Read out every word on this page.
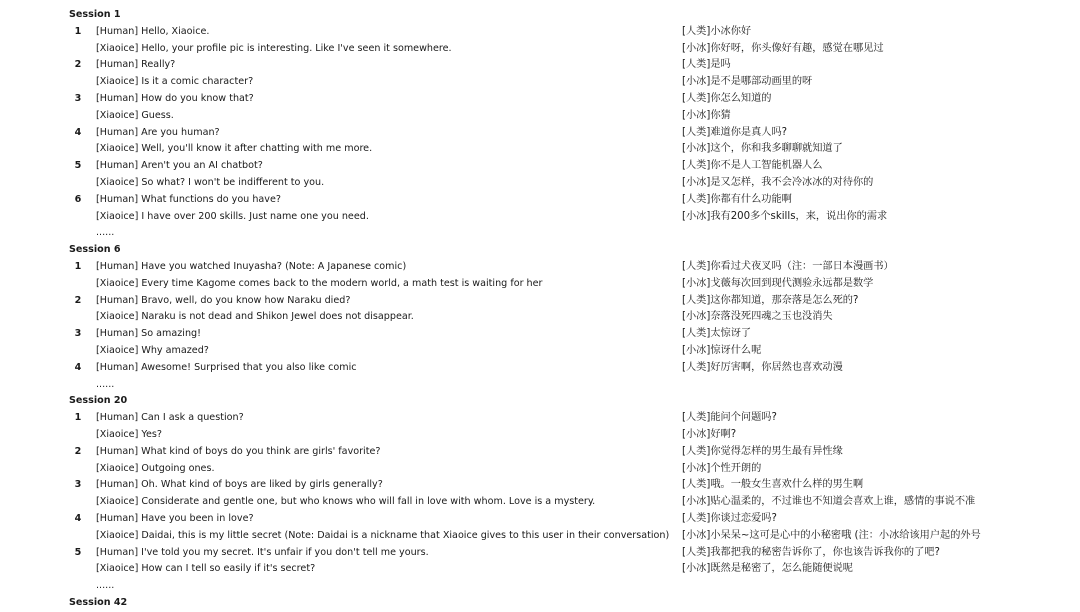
Session 1
1 [Human] Hello, Xiaoice.	[人类]小冰你好
[Xiaoice] Hello, your profile pic is interesting. Like I've seen it somewhere.	[小冰]你好呀，你头像好有趣，感觉在哪见过
2 [Human] Really?	[人类]是吗
[Xiaoice] Is it a comic character?	[小冰]是不是哪部动画里的呀
3 [Human] How do you know that?	[人类]你怎么知道的
[Xiaoice] Guess.	[小冰]你猜
4 [Human] Are you human?	[人类]难道你是真人吗?
[Xiaoice] Well, you'll know it after chatting with me more.	[小冰]这个，你和我多聊聊就知道了
5 [Human] Aren't you an AI chatbot?	[人类]你不是人工智能机器人么
[Xiaoice] So what? I won't be indifferent to you.	[小冰]是又怎样，我不会冷冰冰的对待你的
6 [Human] What functions do you have?	[人类]你都有什么功能啊
[Xiaoice] I have over 200 skills. Just name one you need.	[小冰]我有200多个skills，来，说出你的需求
......
Session 6
1 [Human] Have you watched Inuyasha? (Note: A Japanese comic)	[人类]你看过犬夜叉吗（注：一部日本漫画书）
[Xiaoice] Every time Kagome comes back to the modern world, a math test is waiting for her	[小冰]戈薇每次回到现代测验永远都是数学
2 [Human] Bravo, well, do you know how Naraku died?	[人类]这你都知道，那奈落是怎么死的?
[Xiaoice] Naraku is not dead and Shikon Jewel does not disappear.	[小冰]奈落没死四魂之玉也没消失
3 [Human] So amazing!	[人类]太惊讶了
[Xiaoice] Why amazed?	[小冰]惊讶什么呢
4 [Human] Awesome! Surprised that you also like comic	[人类]好厉害啊，你居然也喜欢动漫
......
Session 20
1 [Human] Can I ask a question?	[人类]能问个问题吗?
[Xiaoice] Yes?	[小冰]好啊?
2 [Human] What kind of boys do you think are girls' favorite?	[人类]你觉得怎样的男生最有异性缘
[Xiaoice] Outgoing ones.	[小冰]个性开朗的
3 [Human] Oh. What kind of boys are liked by girls generally?	[人类]哦。一般女生喜欢什么样的男生啊
[Xiaoice] Considerate and gentle one, but who knows who will fall in love with whom. Love is a mystery.	[小冰]贴心温柔的，不过谁也不知道会喜欢上谁，感情的事说不准
4 [Human] Have you been in love?	[人类]你谈过恋爱吗?
[Xiaoice] Daidai, this is my little secret (Note: Daidai is a nickname that Xiaoice gives to this user in their conversation) [小冰]小呆呆~这可是心中的小秘密哦 (注：小冰给该用户起的外号
5 [Human] I've told you my secret. It's unfair if you don't tell me yours.	[人类]我都把我的秘密告诉你了，你也该告诉我你的了吧?
[Xiaoice] How can I tell so easily if it's secret?	[小冰]既然是秘密了，怎么能随便说呢
......
Session 42
